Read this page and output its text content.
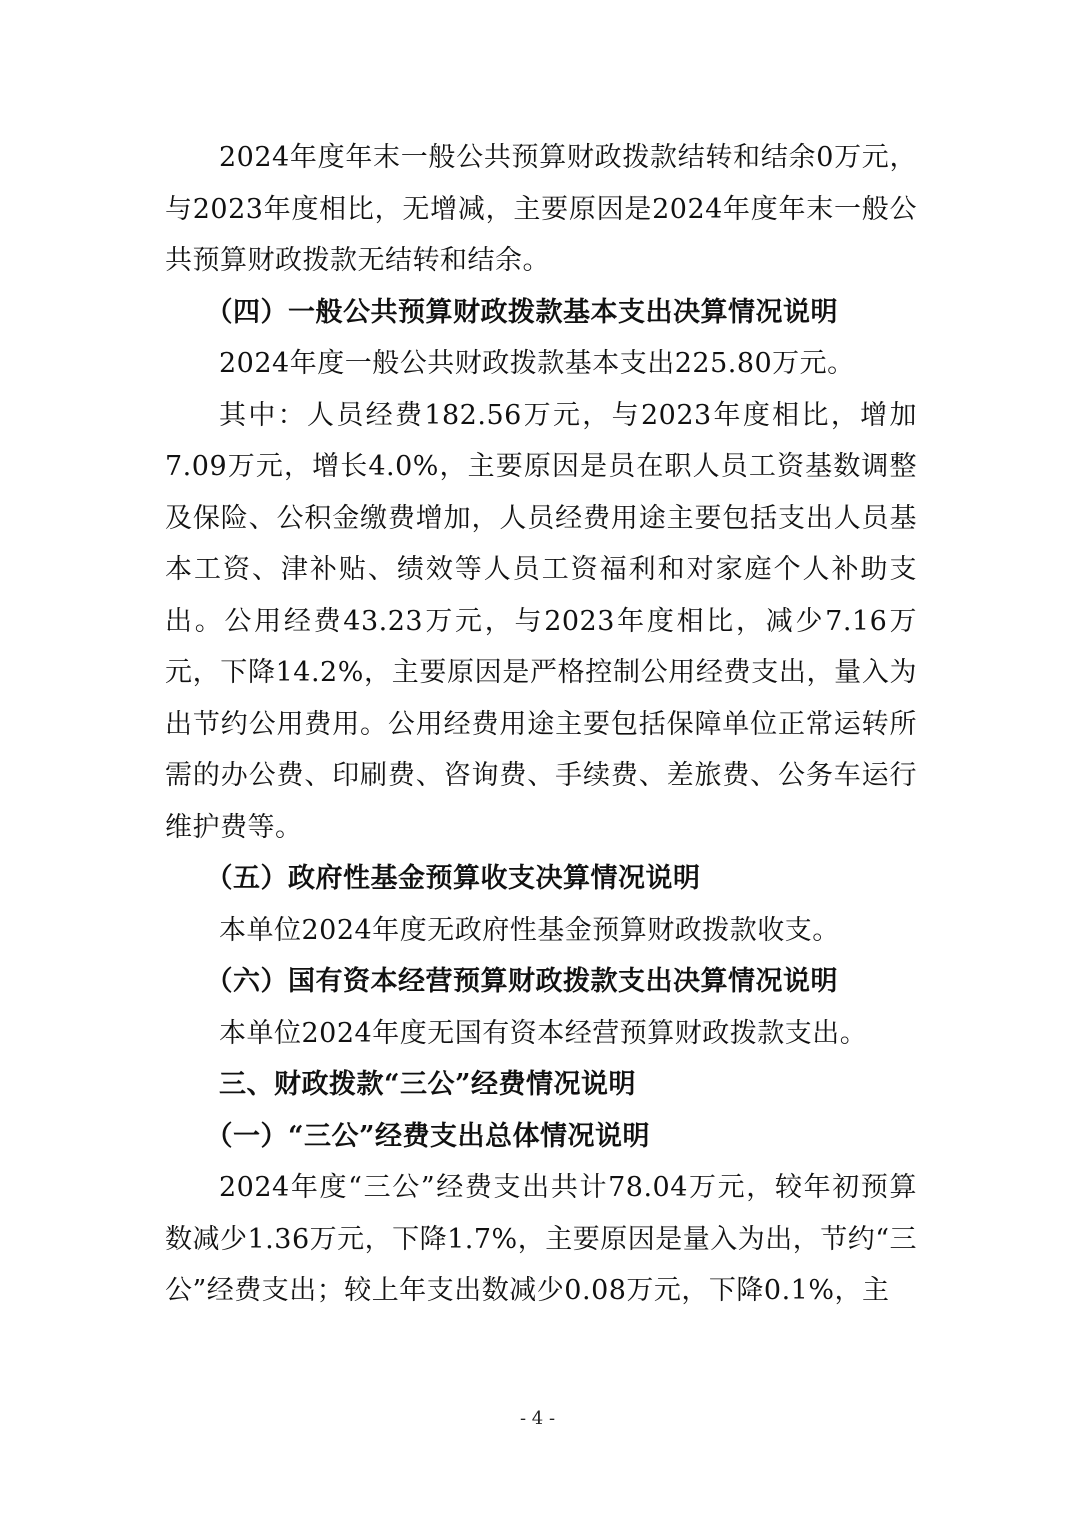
2024年度年末一般公共预算财政拨款结转和结余0万元，与2023年度相比，无增减，主要原因是2024年度年末一般公共预算财政拨款无结转和结余。

（四）一般公共预算财政拨款基本支出决算情况说明

2024年度一般公共财政拨款基本支出225.80万元。

其中：人员经费182.56万元，与2023年度相比，增加7.09万元，增长4.0%，主要原因是员在职人员工资基数调整及保险、公积金缴费增加，人员经费用途主要包括支出人员基本工资、津补贴、绩效等人员工资福利和对家庭个人补助支出。公用经费43.23万元，与2023年度相比，减少7.16万元，下降14.2%，主要原因是严格控制公用经费支出，量入为出节约公用费用。公用经费用途主要包括保障单位正常运转所需的办公费、印刷费、咨询费、手续费、差旅费、公务车运行维护费等。

（五）政府性基金预算收支决算情况说明

本单位2024年度无政府性基金预算财政拨款收支。

（六）国有资本经营预算财政拨款支出决算情况说明

本单位2024年度无国有资本经营预算财政拨款支出。

三、财政拨款“三公”经费情况说明

（一）“三公”经费支出总体情况说明

2024年度“三公”经费支出共计78.04万元，较年初预算数减少1.36万元，下降1.7%，主要原因是量入为出，节约“三公”经费支出；较上年支出数减少0.08万元，下降0.1%，主

- 4 -
